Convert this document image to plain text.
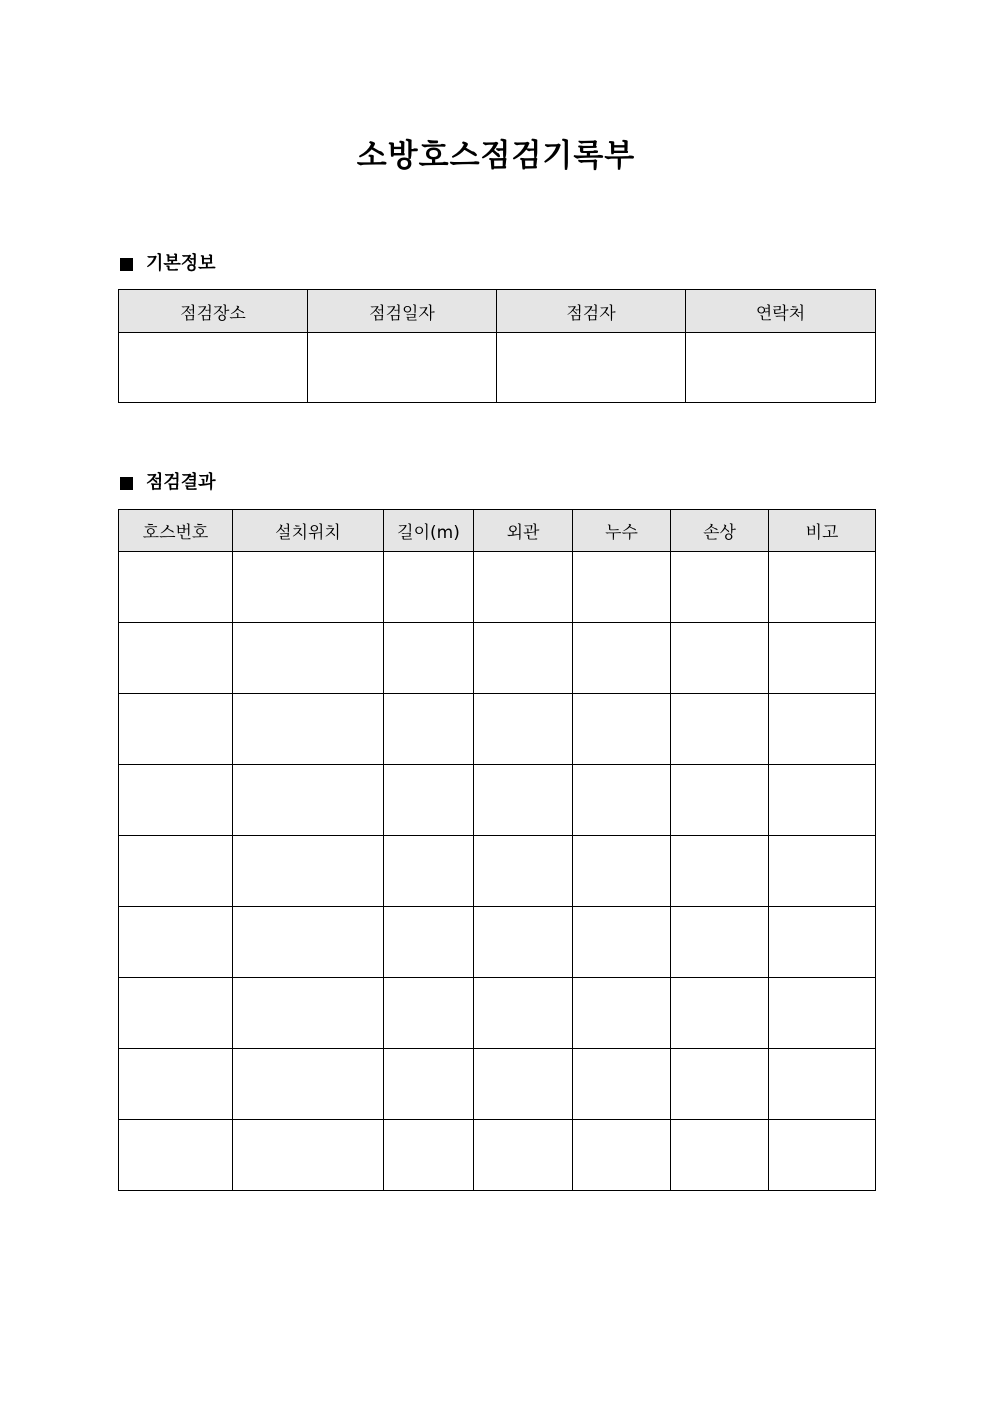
소방호스점검기록부
기본정보
점검장소	점검일자	점검자	연락처

점검결과
호스번호	설치위치	길이(m)	외관	누수	손상	비고
